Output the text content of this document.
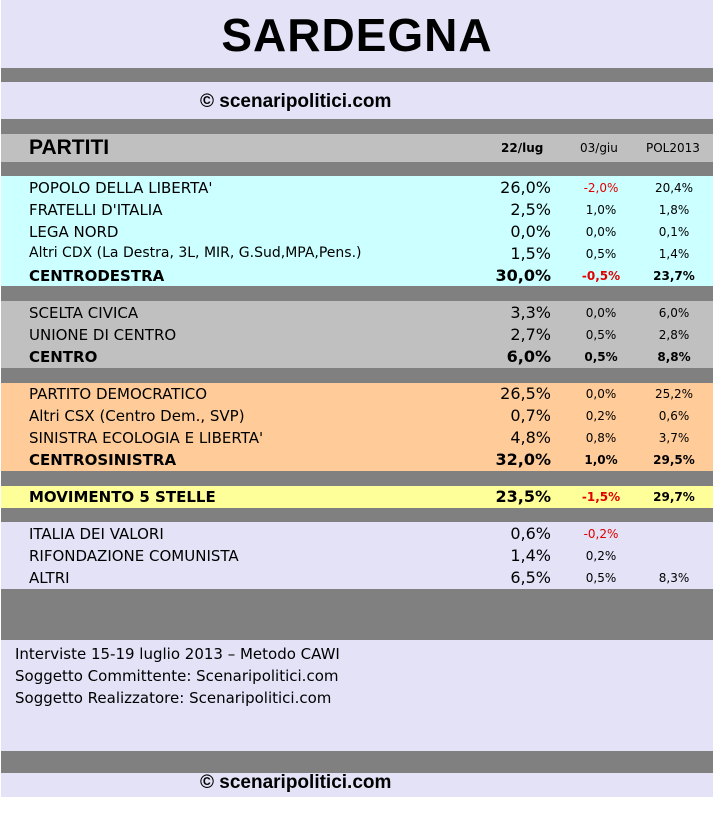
SARDEGNA
© scenaripolitici.com
PARTITI	22/lug	03/giu POL2013
POPOLO DELLA LIBERTA'	26,0%	-2,0%	20,4%
FRATELLI D'ITALIA	2,5%	1,0%	1,8%
LEGA NORD	0,0%	0,0%	0,1%
Altri CDX (La Destra, 3L, MIR, G.Sud,MPA,Pens.)	1,5%	0,5%	1,4%
CENTRODESTRA	30,0%	-0,5%	23,7%
SCELTA CIVICA	3,3%	0,0%	6,0%
UNIONE DI CENTRO	2,7%	0,5%	2,8%
CENTRO	6,0%	0,5%	8,8%
PARTITO DEMOCRATICO	26,5%	0,0%	25,2%
Altri CSX (Centro Dem., SVP)	0,7%	0,2%	0,6%
SINISTRA ECOLOGIA E LIBERTA'	4,8%	0,8%	3,7%
CENTROSINISTRA	32,0%	1,0%	29,5%
MOVIMENTO 5 STELLE	23,5%	-1,5%	29,7%
ITALIA DEI VALORI	0,6%	-0,2%
RIFONDAZIONE COMUNISTA	1,4%	0,2%
ALTRI	6,5%	0,5%	8,3%
Interviste 15-19 luglio 2013 – Metodo CAWI
Soggetto Committente: Scenaripolitici.com
Soggetto Realizzatore: Scenaripolitici.com
© scenaripolitici.com
